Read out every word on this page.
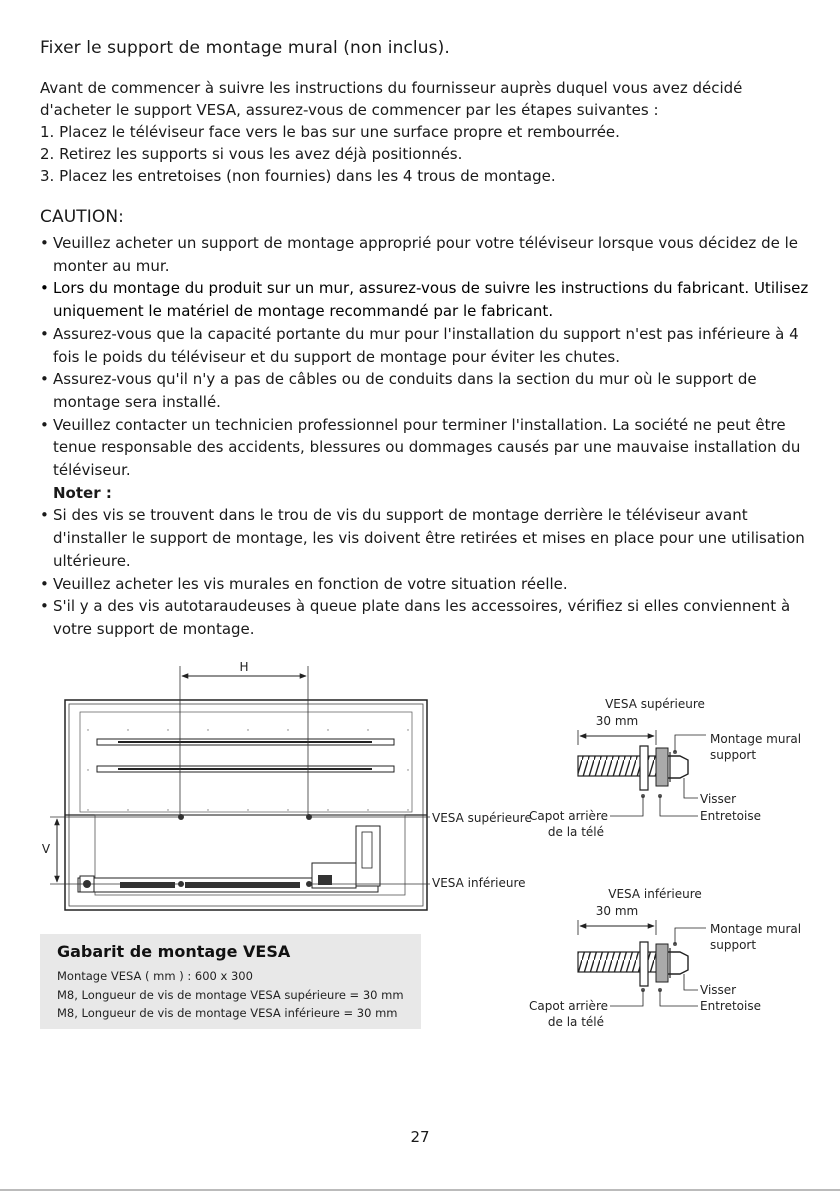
Fixer le support de montage mural (non inclus).

Avant de commencer à suivre les instructions du fournisseur auprès duquel vous avez décidé

d'acheter le support VESA, assurez-vous de commencer par les étapes suivantes :

1. Placez le téléviseur face vers le bas sur une surface propre et rembourrée.

2. Retirez les supports si vous les avez déjà positionnés.

3. Placez les entretoises (non fournies) dans les 4 trous de montage.

CAUTION:
• Veuillez acheter un support de montage approprié pour votre téléviseur lorsque vous décidez de le monter au mur.
• Lors du montage du produit sur un mur, assurez-vous de suivre les instructions du fabricant. Utilisez uniquement le matériel de montage recommandé par le fabricant.
• Assurez-vous que la capacité portante du mur pour l'installation du support n'est pas inférieure à 4 fois le poids du téléviseur et du support de montage pour éviter les chutes.
• Assurez-vous qu'il n'y a pas de câbles ou de conduits dans la section du mur où le support de montage sera installé.
• Veuillez contacter un technicien professionnel pour terminer l'installation. La société ne peut être tenue responsable des accidents, blessures ou dommages causés par une mauvaise installation du téléviseur.
Noter :
• Si des vis se trouvent dans le trou de vis du support de montage derrière le téléviseur avant d'installer le support de montage, les vis doivent être retirées et mises en place pour une utilisation ultérieure.
• Veuillez acheter les vis murales en fonction de votre situation réelle.
• S'il y a des vis autotaraudeuses à queue plate dans les accessoires, vérifiez si elles conviennent à votre support de montage.
H
V
VESA supérieure
VESA inférieure
VESA supérieure
30 mm
Montage mural
support
Visser
Entretoise
Capot arrière
de la télé
VESA inférieure
30 mm
Montage mural
support
Visser
Entretoise
Capot arrière
de la télé
Gabarit de montage VESA
Montage VESA ( mm ) : 600 x 300
M8, Longueur de vis de montage VESA supérieure = 30 mm
M8, Longueur de vis de montage VESA inférieure = 30 mm
27
